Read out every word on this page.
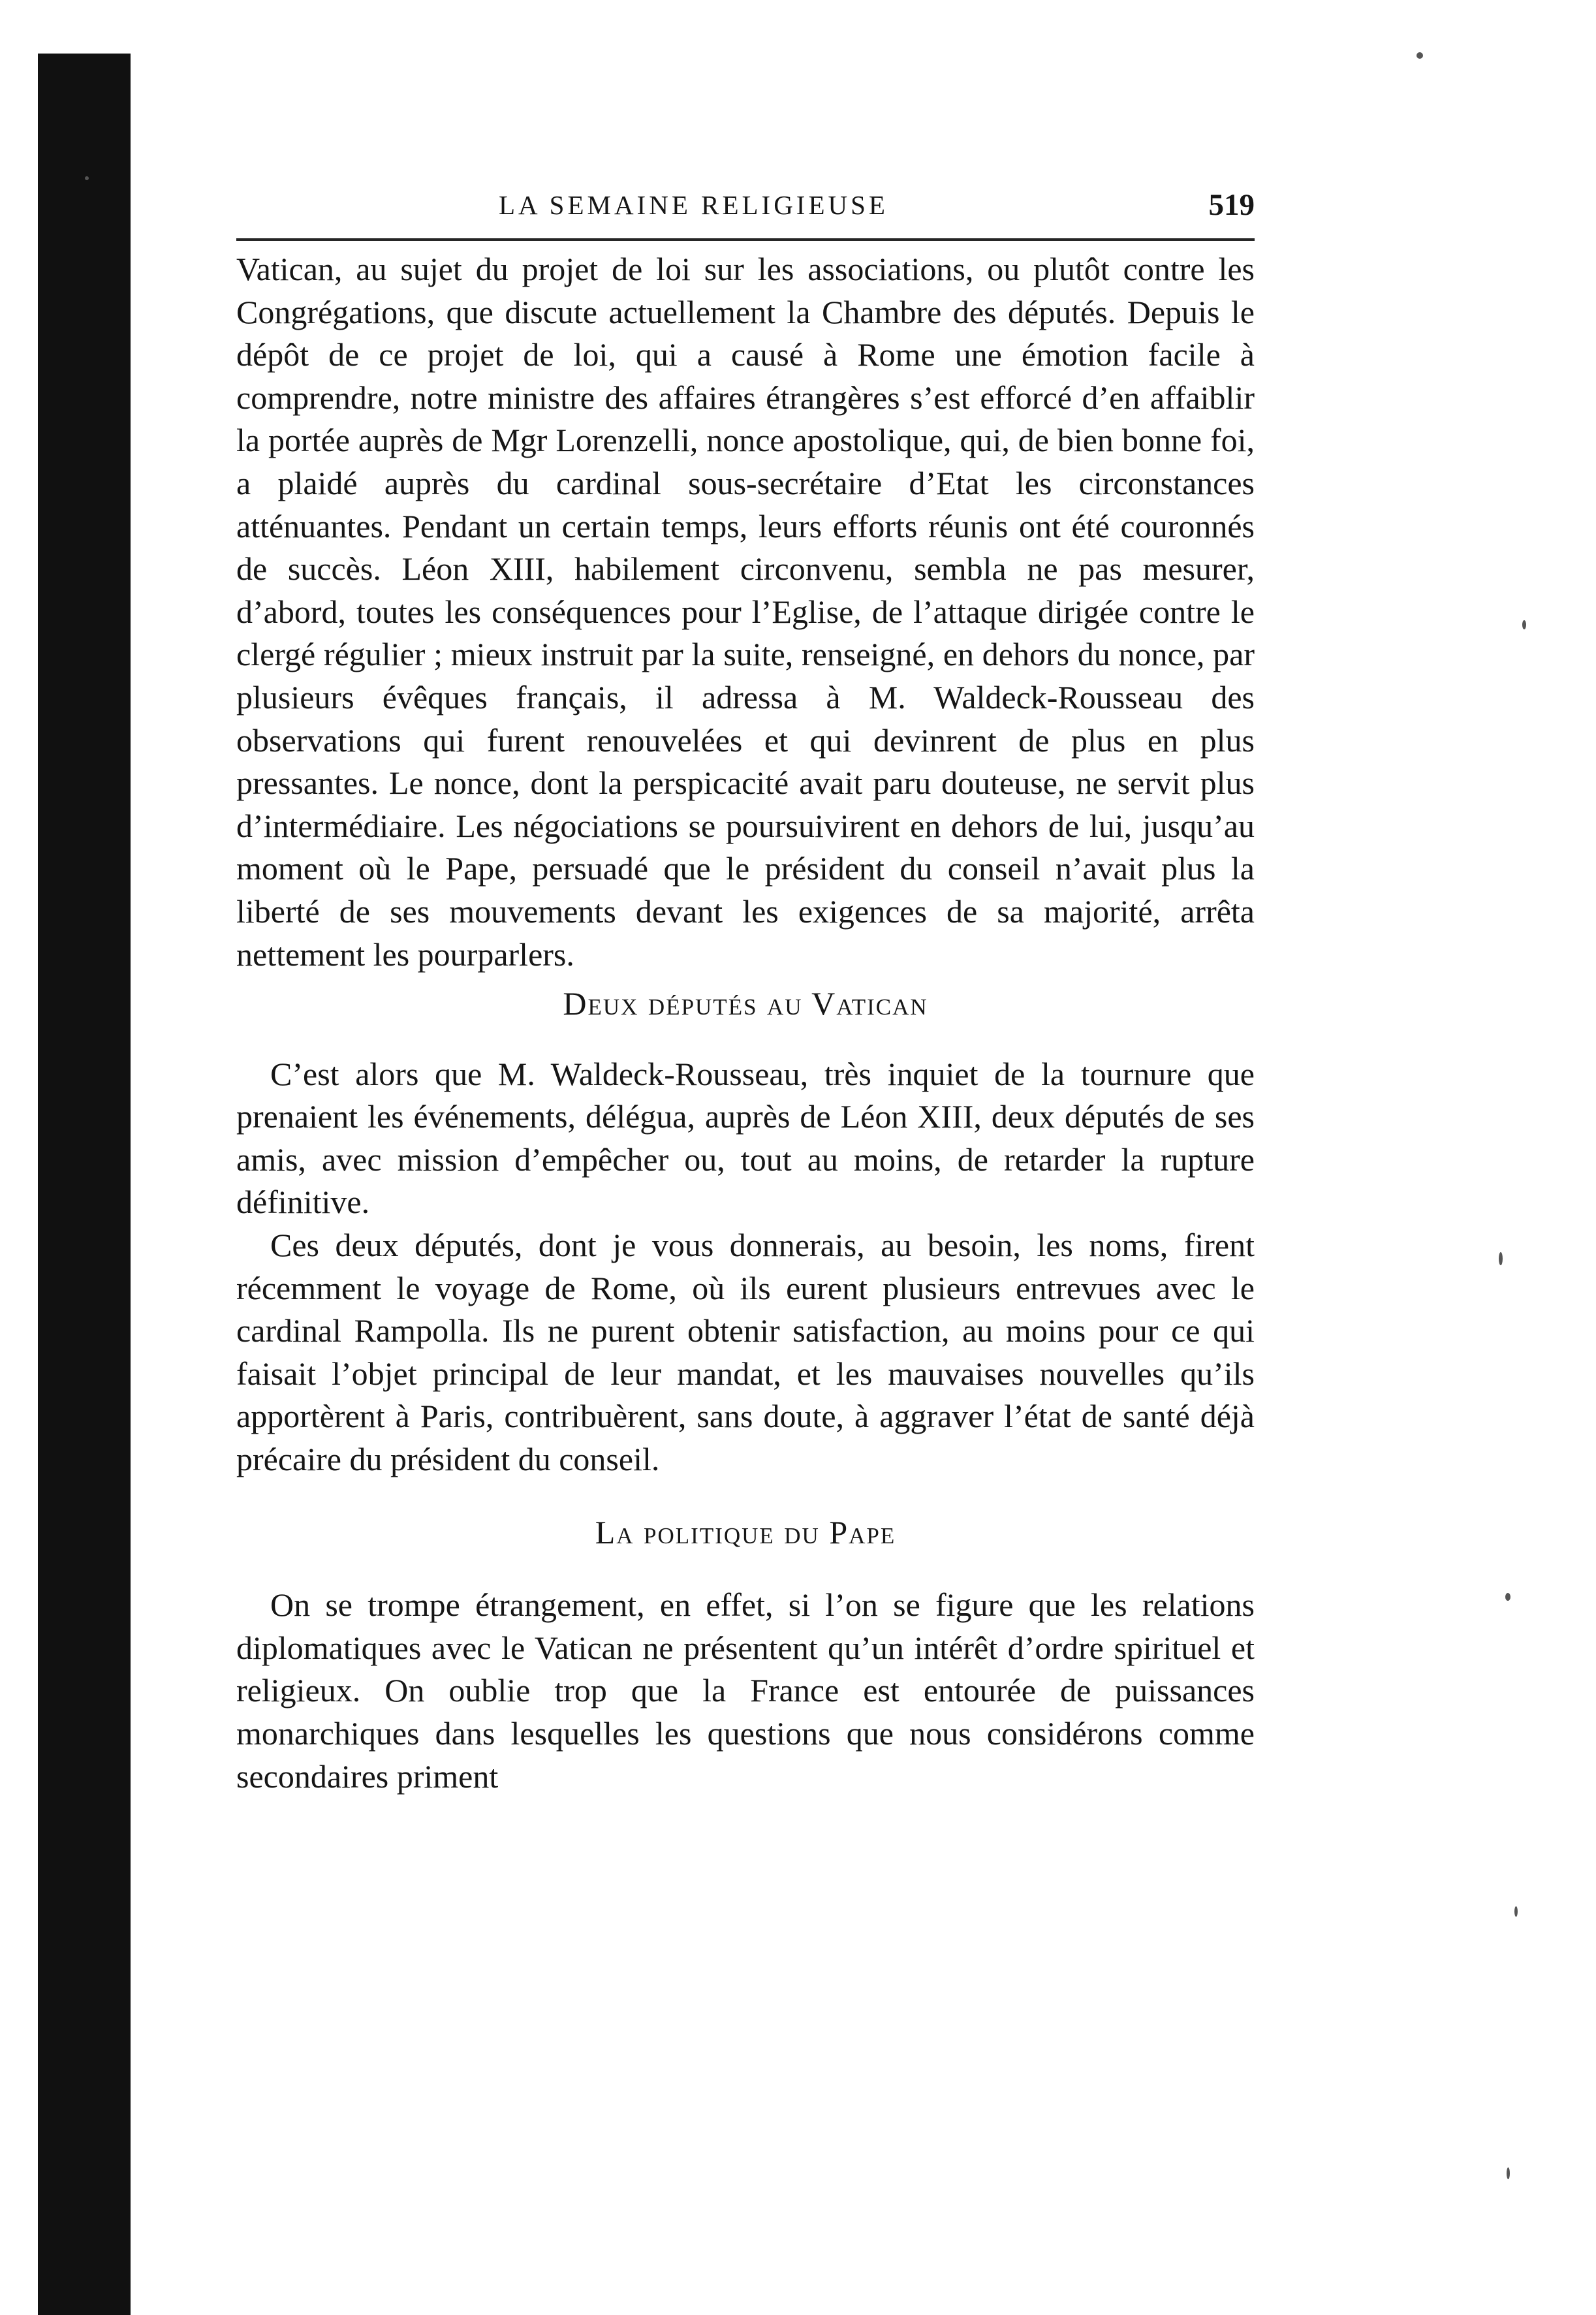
LA SEMAINE RELIGIEUSE	519

Vatican, au sujet du projet de loi sur les associations, ou plutôt contre les Congrégations, que discute actuellement la Chambre des députés. Depuis le dépôt de ce projet de loi, qui a causé à Rome une émotion facile à comprendre, notre ministre des affaires étrangères s’est efforcé d’en affaiblir la portée auprès de Mgr Lorenzelli, nonce apostolique, qui, de bien bonne foi, a plaidé auprès du cardinal sous-secrétaire d’Etat les circonstances atténuantes. Pendant un certain temps, leurs efforts réunis ont été couronnés de succès. Léon XIII, habilement circonvenu, sembla ne pas mesurer, d’abord, toutes les conséquences pour l’Eglise, de l’attaque dirigée contre le clergé régulier ; mieux instruit par la suite, renseigné, en dehors du nonce, par plusieurs évêques français, il adressa à M. Waldeck-Rousseau des observations qui furent renouvelées et qui devinrent de plus en plus pressantes. Le nonce, dont la perspicacité avait paru douteuse, ne servit plus d’intermédiaire. Les négociations se poursuivirent en dehors de lui, jusqu’au moment où le Pape, persuadé que le président du conseil n’avait plus la liberté de ses mouvements devant les exigences de sa majorité, arrêta nettement les pourparlers.

Deux députés au Vatican

C’est alors que M. Waldeck-Rousseau, très inquiet de la tournure que prenaient les événements, délégua, auprès de Léon XIII, deux députés de ses amis, avec mission d’empêcher ou, tout au moins, de retarder la rupture définitive.

Ces deux députés, dont je vous donnerais, au besoin, les noms, firent récemment le voyage de Rome, où ils eurent plusieurs entrevues avec le cardinal Rampolla. Ils ne purent obtenir satisfaction, au moins pour ce qui faisait l’objet principal de leur mandat, et les mauvaises nouvelles qu’ils apportèrent à Paris, contribuèrent, sans doute, à aggraver l’état de santé déjà précaire du président du conseil.

La politique du Pape

On se trompe étrangement, en effet, si l’on se figure que les relations diplomatiques avec le Vatican ne présentent qu’un intérêt d’ordre spirituel et religieux. On oublie trop que la France est entourée de puissances monarchiques dans lesquelles les questions que nous considérons comme secondaires priment
